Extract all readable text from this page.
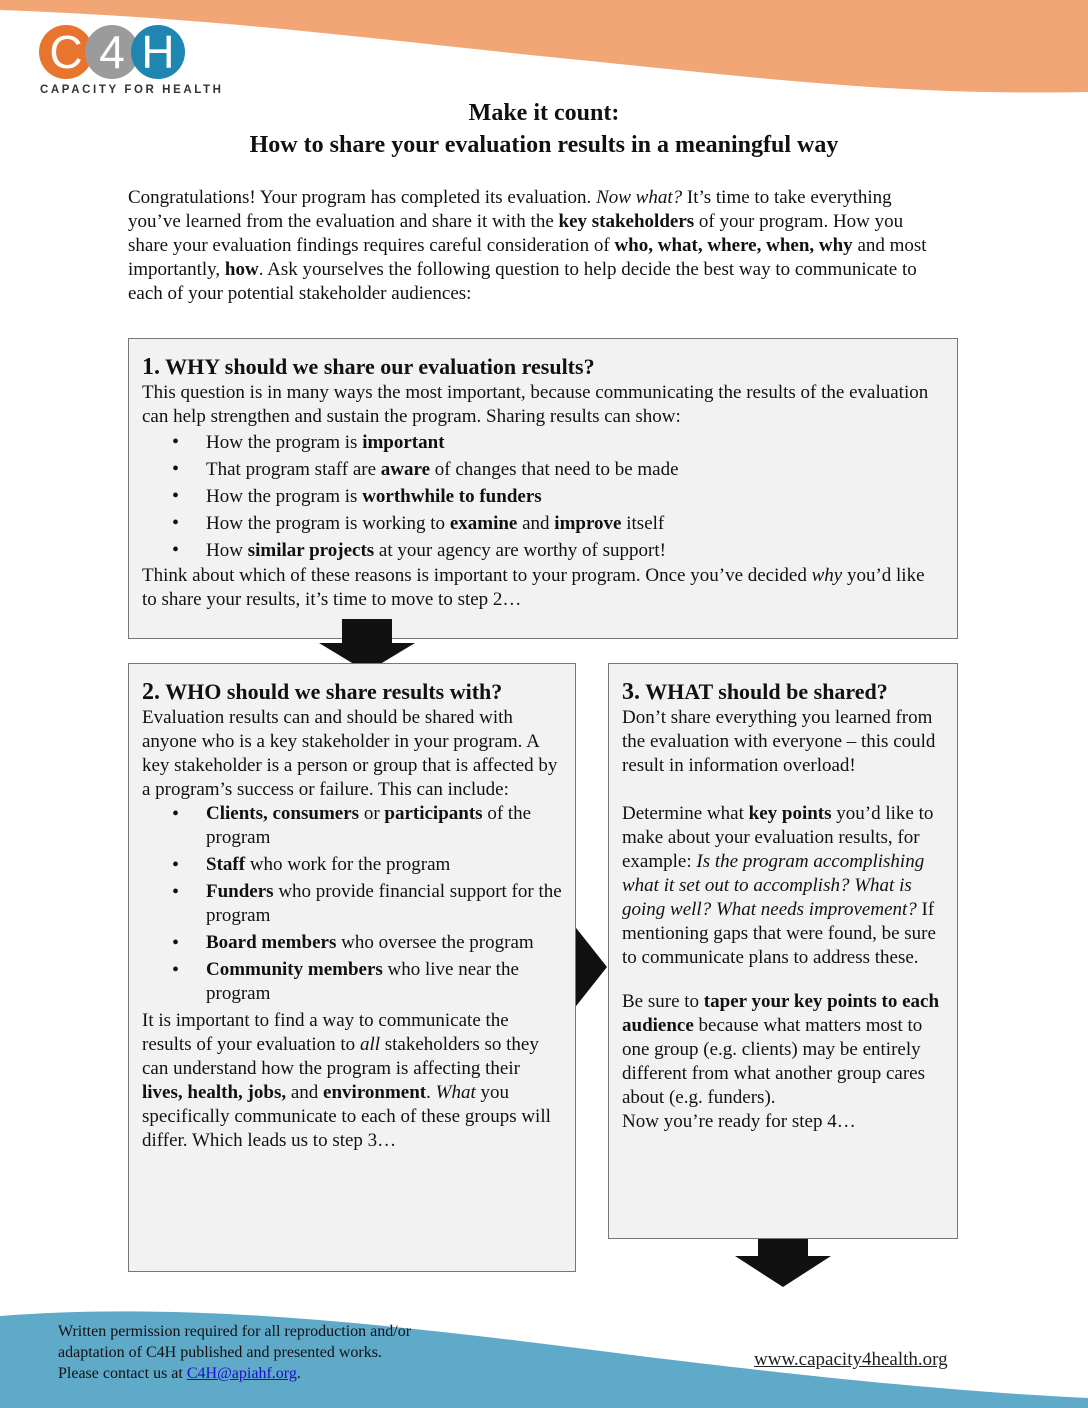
C 4 H
CAPACITY FOR HEALTH
Make it count:
How to share your evaluation results in a meaningful way
Congratulations! Your program has completed its evaluation. Now what? It’s time to take everything you’ve learned from the evaluation and share it with the key stakeholders of your program. How you share your evaluation findings requires careful consideration of who, what, where, when, why and most importantly, how. Ask yourselves the following question to help decide the best way to communicate to each of your potential stakeholder audiences:
1. WHY should we share our evaluation results?

This question is in many ways the most important, because communicating the results of the evaluation can help strengthen and sustain the program. Sharing results can show:

• How the program is important
• That program staff are aware of changes that need to be made
• How the program is worthwhile to funders
• How the program is working to examine and improve itself
• How similar projects at your agency are worthy of support!

Think about which of these reasons is important to your program. Once you’ve decided why you’d like to share your results, it’s time to move to step 2…

2. WHO should we share results with?

Evaluation results can and should be shared with anyone who is a key stakeholder in your program. A key stakeholder is a person or group that is affected by a program’s success or failure. This can include:

• Clients, consumers or participants of the program
• Staff who work for the program
• Funders who provide financial support for the program
• Board members who oversee the program
• Community members who live near the program

It is important to find a way to communicate the results of your evaluation to all stakeholders so they can understand how the program is affecting their lives, health, jobs, and environment. What you specifically communicate to each of these groups will differ. Which leads us to step 3…

3. WHAT should be shared?

Don’t share everything you learned from the evaluation with everyone – this could result in information overload!

Determine what key points you’d like to make about your evaluation results, for example: Is the program accomplishing what it set out to accomplish? What is going well? What needs improvement? If mentioning gaps that were found, be sure to communicate plans to address these.

Be sure to taper your key points to each audience because what matters most to one group (e.g. clients) may be entirely different from what another group cares about (e.g. funders).

Now you’re ready for step 4…

Written permission required for all reproduction and/or
adaptation of C4H published and presented works.
Please contact us at C4H@apiahf.org.
www.capacity4health.org
